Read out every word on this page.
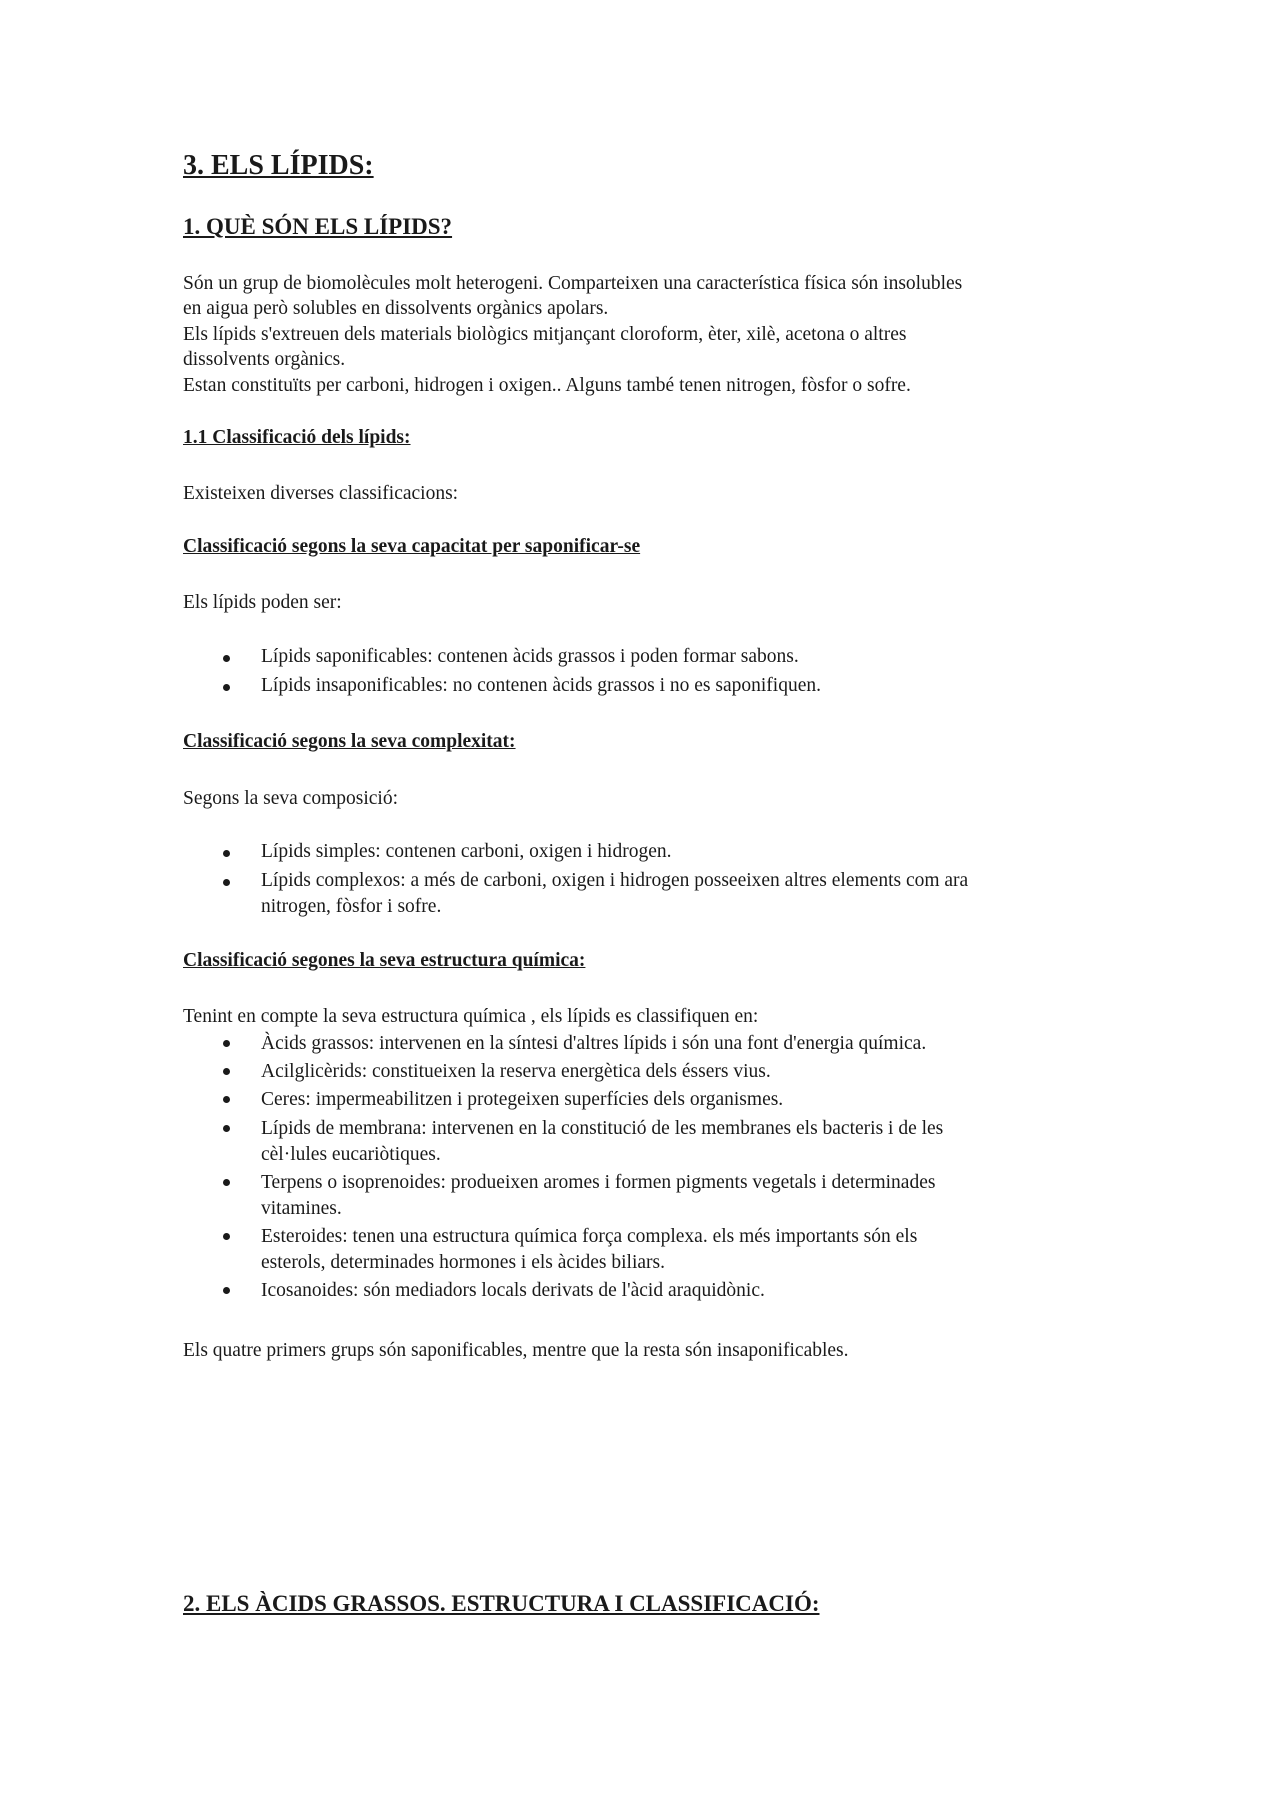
3. ELS LÍPIDS:
1. QUÈ SÓN ELS LÍPIDS?
Són un grup de biomolècules molt heterogeni. Comparteixen una característica física són insolubles
en aigua però solubles en dissolvents orgànics apolars.
Els lípids s'extreuen dels materials biològics mitjançant cloroform, èter, xilè, acetona o altres
dissolvents orgànics.
Estan constituïts per carboni, hidrogen i oxigen.. Alguns també tenen nitrogen, fòsfor o sofre.
1.1 Classificació dels lípids:
Existeixen diverses classificacions:
Classificació segons la seva capacitat per saponificar-se
Els lípids poden ser:
Lípids saponificables: contenen àcids grassos i poden formar sabons.
Lípids insaponificables: no contenen àcids grassos i no es saponifiquen.
Classificació segons la seva complexitat:
Segons la seva composició:
Lípids simples: contenen carboni, oxigen i hidrogen.
Lípids complexos: a més de carboni, oxigen i hidrogen posseeixen altres elements com ara
nitrogen, fòsfor i sofre.
Classificació segones la seva estructura química:
Tenint en compte la seva estructura química , els lípids es classifiquen en:
Àcids grassos: intervenen en la síntesi d'altres lípids i són una font d'energia química.
Acilglicèrids: constitueixen la reserva energètica dels éssers vius.
Ceres: impermeabilitzen i protegeixen superfícies dels organismes.
Lípids de membrana: intervenen en la constitució de les membranes els bacteris i de les
cèl·lules eucariòtiques.
Terpens o isoprenoides: produeixen aromes i formen pigments vegetals i determinades
vitamines.
Esteroides: tenen una estructura química força complexa. els més importants són els
esterols, determinades hormones i els àcides biliars.
Icosanoides: són mediadors locals derivats de l'àcid araquidònic.
Els quatre primers grups són saponificables, mentre que la resta són insaponificables.
2. ELS ÀCIDS GRASSOS. ESTRUCTURA I CLASSIFICACIÓ:
